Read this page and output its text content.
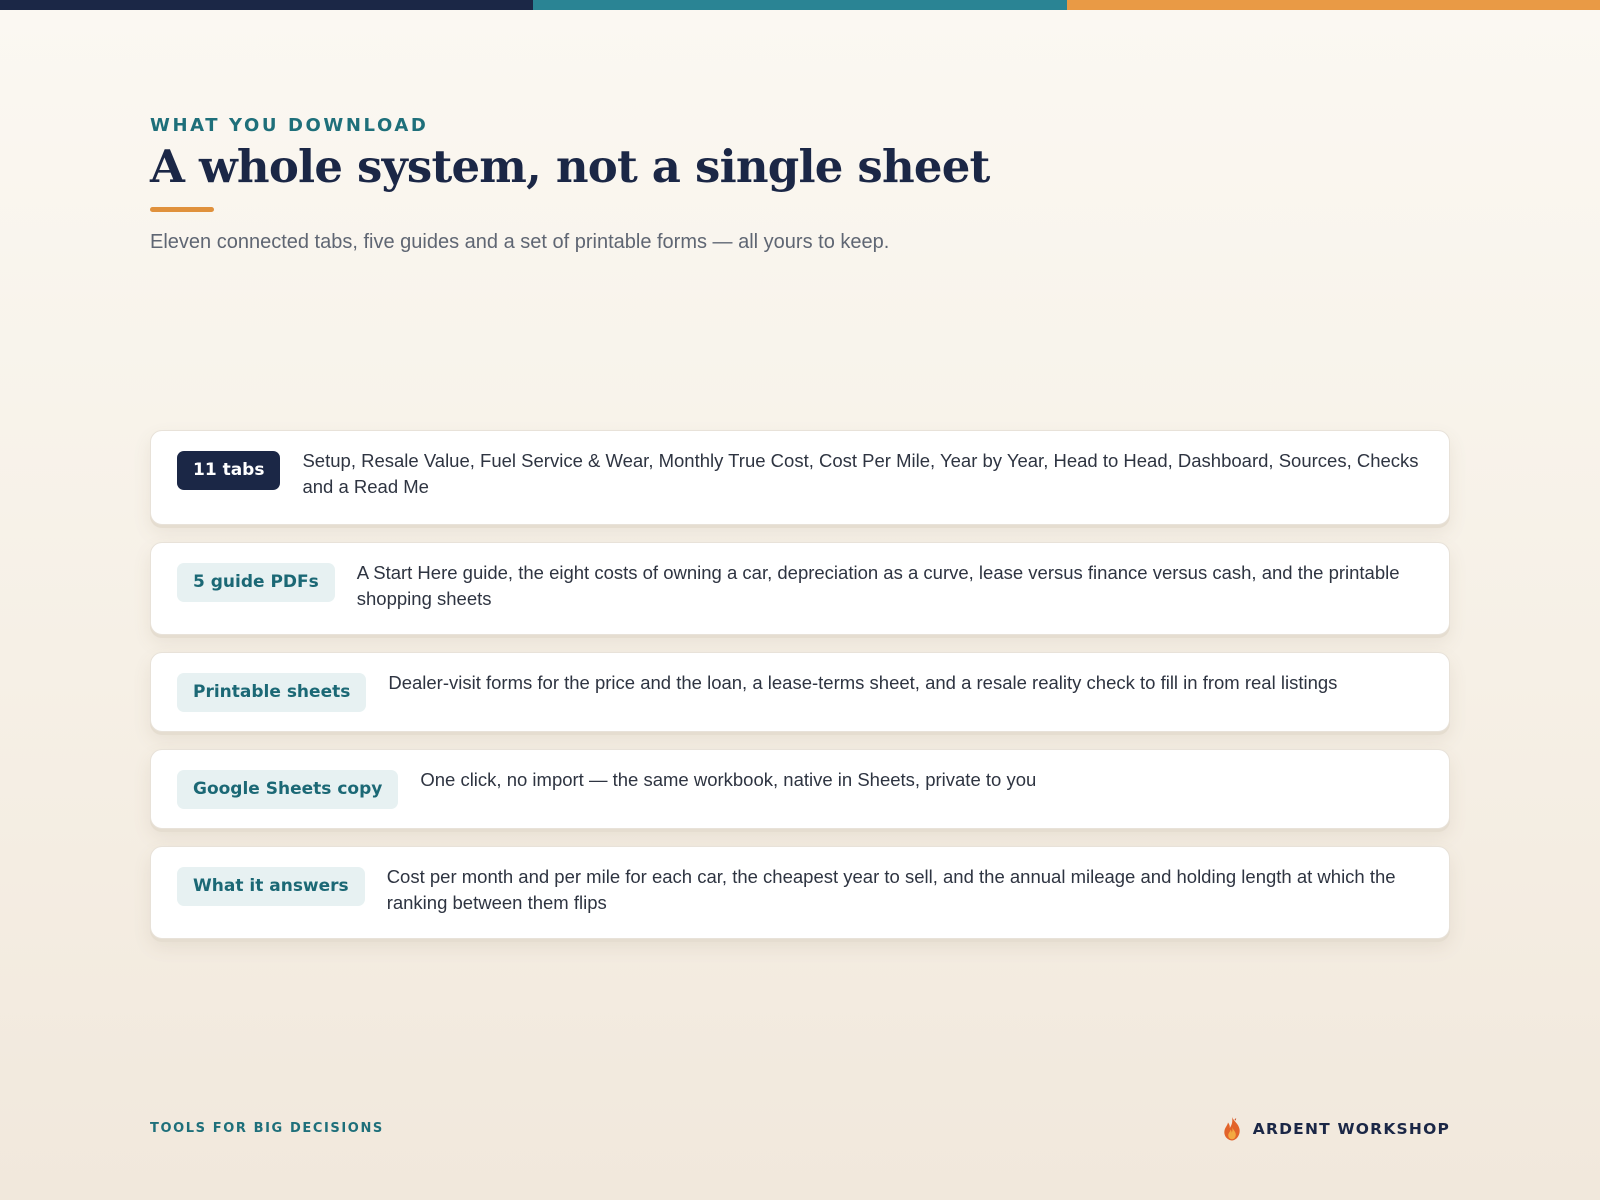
WHAT YOU DOWNLOAD
A whole system, not a single sheet
Eleven connected tabs, five guides and a set of printable forms — all yours to keep.
11 tabs	Setup, Resale Value, Fuel Service & Wear, Monthly True Cost, Cost Per Mile, Year by Year, Head to Head, Dashboard, Sources, Checks and a Read Me
5 guide PDFs	A Start Here guide, the eight costs of owning a car, depreciation as a curve, lease versus finance versus cash, and the printable shopping sheets
Printable sheets	Dealer-visit forms for the price and the loan, a lease-terms sheet, and a resale reality check to fill in from real listings
Google Sheets copy	One click, no import — the same workbook, native in Sheets, private to you
What it answers	Cost per month and per mile for each car, the cheapest year to sell, and the annual mileage and holding length at which the ranking between them flips
TOOLS FOR BIG DECISIONS	ARDENT WORKSHOP
